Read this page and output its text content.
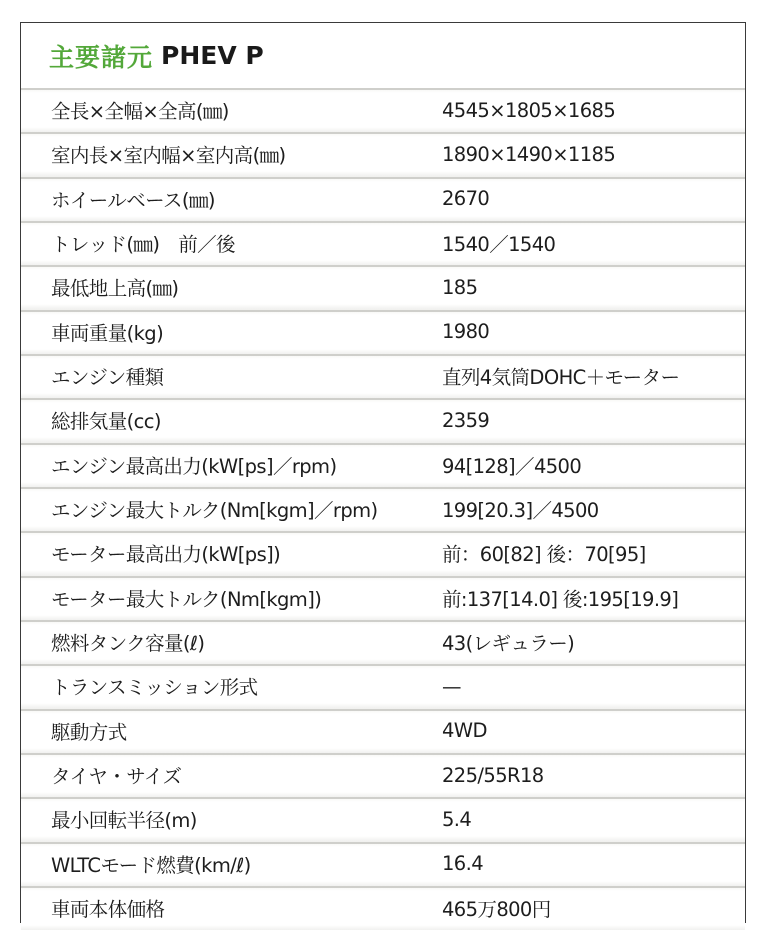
主要諸元 PHEV P
全長×全幅×全高(㎜)	4545×1805×1685
室内長×室内幅×室内高(㎜)	1890×1490×1185
ホイールベース(㎜)	2670
トレッド(㎜)　前／後	1540／1540
最低地上高(㎜)	185
車両重量(kg)	1980
エンジン種類	直列4気筒DOHC＋モーター
総排気量(cc)	2359
エンジン最高出力(kW[ps]／rpm)	94[128]／4500
エンジン最大トルク(Nm[kgm]／rpm)	199[20.3]／4500
モーター最高出力(kW[ps])	前：60[82] 後：70[95]
モーター最大トルク(Nm[kgm])	前:137[14.0] 後:195[19.9]
燃料タンク容量(ℓ)	43(レギュラー)
トランスミッション形式	—
駆動方式	4WD
タイヤ・サイズ	225/55R18
最小回転半径(m)	5.4
WLTCモード燃費(km/ℓ)	16.4
車両本体価格	465万800円
